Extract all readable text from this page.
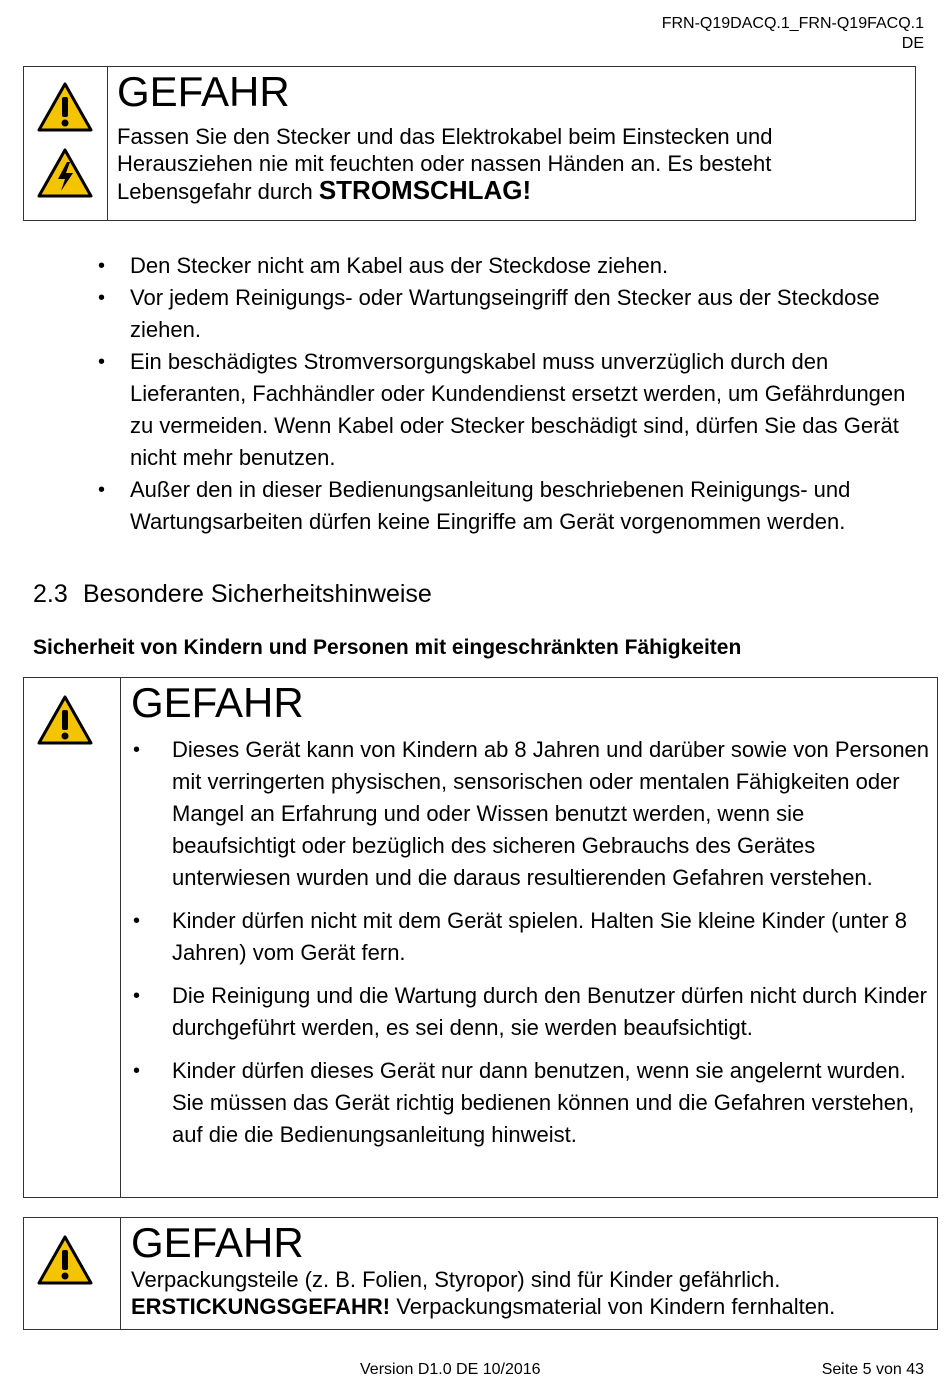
FRN-Q19DACQ.1_FRN-Q19FACQ.1
DE
GEFAHR
Fassen Sie den Stecker und das Elektrokabel beim Einstecken und Herausziehen nie mit feuchten oder nassen Händen an. Es besteht Lebensgefahr durch STROMSCHLAG!
• Den Stecker nicht am Kabel aus der Steckdose ziehen.
• Vor jedem Reinigungs- oder Wartungseingriff den Stecker aus der Steckdose ziehen.
• Ein beschädigtes Stromversorgungskabel muss unverzüglich durch den Lieferanten, Fachhändler oder Kundendienst ersetzt werden, um Gefährdungen zu vermeiden. Wenn Kabel oder Stecker beschädigt sind, dürfen Sie das Gerät nicht mehr benutzen.
• Außer den in dieser Bedienungsanleitung beschriebenen Reinigungs- und Wartungsarbeiten dürfen keine Eingriffe am Gerät vorgenommen werden.
2.3 Besondere Sicherheitshinweise
Sicherheit von Kindern und Personen mit eingeschränkten Fähigkeiten
GEFAHR
• Dieses Gerät kann von Kindern ab 8 Jahren und darüber sowie von Personen mit verringerten physischen, sensorischen oder mentalen Fähigkeiten oder Mangel an Erfahrung und oder Wissen benutzt werden, wenn sie beaufsichtigt oder bezüglich des sicheren Gebrauchs des Gerätes unterwiesen wurden und die daraus resultierenden Gefahren verstehen.
• Kinder dürfen nicht mit dem Gerät spielen. Halten Sie kleine Kinder (unter 8 Jahren) vom Gerät fern.
• Die Reinigung und die Wartung durch den Benutzer dürfen nicht durch Kinder durchgeführt werden, es sei denn, sie werden beaufsichtigt.
• Kinder dürfen dieses Gerät nur dann benutzen, wenn sie angelernt wurden. Sie müssen das Gerät richtig bedienen können und die Gefahren verstehen, auf die die Bedienungsanleitung hinweist.
GEFAHR
Verpackungsteile (z. B. Folien, Styropor) sind für Kinder gefährlich.
ERSTICKUNGSGEFAHR! Verpackungsmaterial von Kindern fernhalten.
Version D1.0 DE 10/2016	Seite 5 von 43
